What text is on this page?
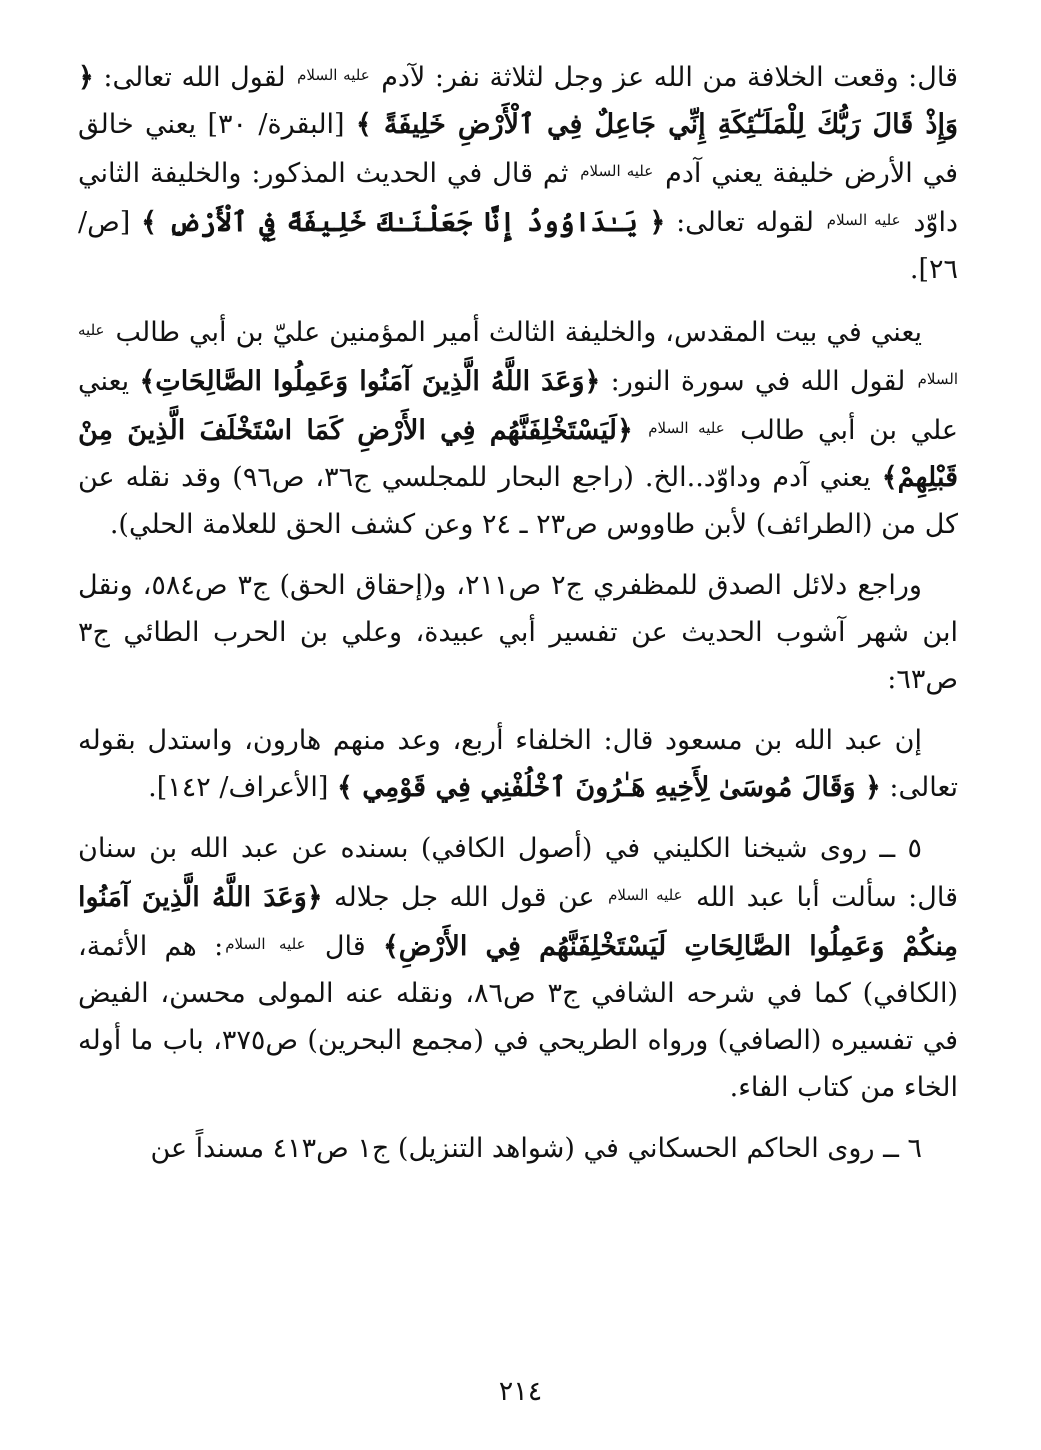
قال: وقعت الخلافة من الله عز وجل لثلاثة نفر: لآدم $^{عليه السلام}$ لقول الله تعالى: ﴿ وَإِذْ قَالَ رَبُّكَ لِلْمَلَـٰٓئِكَةِ إِنِّي جَاعِلٌ فِي ٱلْأَرْضِ خَلِيفَةً ﴾ [البقرة/ ٣٠] يعني خالق في الأرض خليفة يعني آدم $^{عليه السلام}$ ثم قال في الحديث المذكور: والخليفة الثاني داوّد $^{عليه السلام}$ لقوله تعالى: ﴿ يَـٰدَاوُودُ إِنَّا جَعَلْنَـٰكَ خَلِيفَةً فِي ٱلْأَرْضِ ﴾ [ص/ ٢٦].

يعني في بيت المقدس، والخليفة الثالث أمير المؤمنين عليّ بن أبي طالب $^{عليه السلام}$ لقول الله في سورة النور: ﴿وَعَدَ اللَّهُ الَّذِينَ آمَنُوا وَعَمِلُوا الصَّالِحَاتِ﴾ يعني علي بن أبي طالب $^{عليه السلام}$ ﴿لَيَسْتَخْلِفَنَّهُم فِي الأَرْضِ كَمَا اسْتَخْلَفَ الَّذِينَ مِنْ قَبْلِهِمْ﴾ يعني آدم وداوّد..الخ. (راجع البحار للمجلسي ج٣٦، ص٩٦) وقد نقله عن كل من (الطرائف) لأبن طاووس ص٢٣ ـ ٢٤ وعن كشف الحق للعلامة الحلي).

وراجع دلائل الصدق للمظفري ج٢ ص٢١١، و(إحقاق الحق) ج٣ ص٥٨٤، ونقل ابن شهر آشوب الحديث عن تفسير أبي عبيدة، وعلي بن الحرب الطائي ج٣ ص٦٣:

إن عبد الله بن مسعود قال: الخلفاء أربع، وعد منهم هارون، واستدل بقوله تعالى: ﴿ وَقَالَ مُوسَىٰ لِأَخِيهِ هَـٰرُونَ ٱخْلُفْنِي فِي قَوْمِي ﴾ [الأعراف/ ١٤٢].

٥ ــ روى شيخنا الكليني في (أصول الكافي) بسنده عن عبد الله بن سنان قال: سألت أبا عبد الله $^{عليه السلام}$ عن قول الله جل جلاله ﴿وَعَدَ اللَّهُ الَّذِينَ آمَنُوا مِنكُمْ وَعَمِلُوا الصَّالِحَاتِ لَيَسْتَخْلِفَنَّهُم فِي الأَرْضِ﴾ قال $^{عليه السلام}$: هم الأئمة، (الكافي) كما في شرحه الشافي ج٣ ص٨٦، ونقله عنه المولى محسن، الفيض في تفسيره (الصافي) ورواه الطريحي في (مجمع البحرين) ص٣٧٥، باب ما أوله الخاء من كتاب الفاء.

٦ ــ روى الحاكم الحسكاني في (شواهد التنزيل) ج١ ص٤١٣ مسنداً عن

٢١٤
